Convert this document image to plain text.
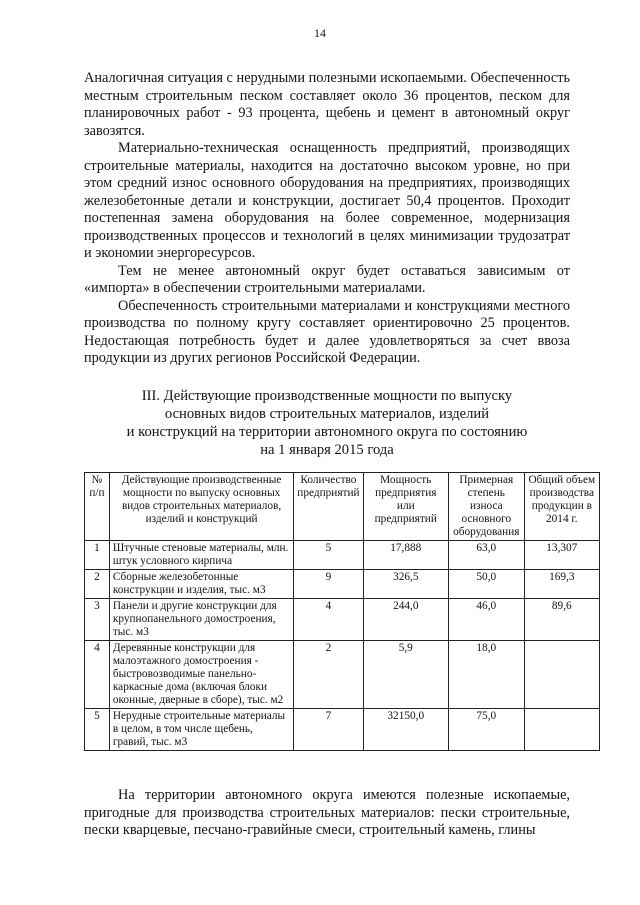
14

Аналогичная ситуация с нерудными полезными ископаемыми. Обеспеченность местным строительным песком составляет около 36 процентов, песком для планировочных работ - 93 процента, щебень и цемент в автономный округ завозятся.

Материально-техническая оснащенность предприятий, производящих строительные материалы, находится на достаточно высоком уровне, но при этом средний износ основного оборудования на предприятиях, производящих железобетонные детали и конструкции, достигает 50,4 процентов. Проходит постепенная замена оборудования на более современное, модернизация производственных процессов и технологий в целях минимизации трудозатрат и экономии энергоресурсов.

Тем не менее автономный округ будет оставаться зависимым от «импорта» в обеспечении строительными материалами.

Обеспеченность строительными материалами и конструкциями местного производства по полному кругу составляет ориентировочно 25 процентов. Недостающая потребность будет и далее удовлетворяться за счет ввоза продукции из других регионов Российской Федерации.

III. Действующие производственные мощности по выпуску
основных видов строительных материалов, изделий
и конструкций на территории автономного округа по состоянию
на 1 января 2015 года
№ п/п	Действующие производственные мощности по выпуску основных видов строительных материалов, изделий и конструкций	Количество предприятий	Мощность предприятия или предприятий	Примерная степень износа основного оборудования	Общий объем производства продукции в 2014 г.
1	Штучные стеновые материалы, млн. штук условного кирпича	5	17,888	63,0	13,307
2	Сборные железобетонные конструкции и изделия, тыс. м3	9	326,5	50,0	169,3
3	Панели и другие конструкции для крупнопанельного домостроения, тыс. м3	4	244,0	46,0	89,6
4	Деревянные конструкции для малоэтажного домостроения - быстровозводимые панельно-каркасные дома (включая блоки оконные, дверные в сборе), тыс. м2	2	5,9	18,0	
5	Нерудные строительные материалы в целом, в том числе щебень, гравий, тыс. м3	7	32150,0	75,0	

На территории автономного округа имеются полезные ископаемые, пригодные для производства строительных материалов: пески строительные, пески кварцевые, песчано-гравийные смеси, строительный камень, глины
